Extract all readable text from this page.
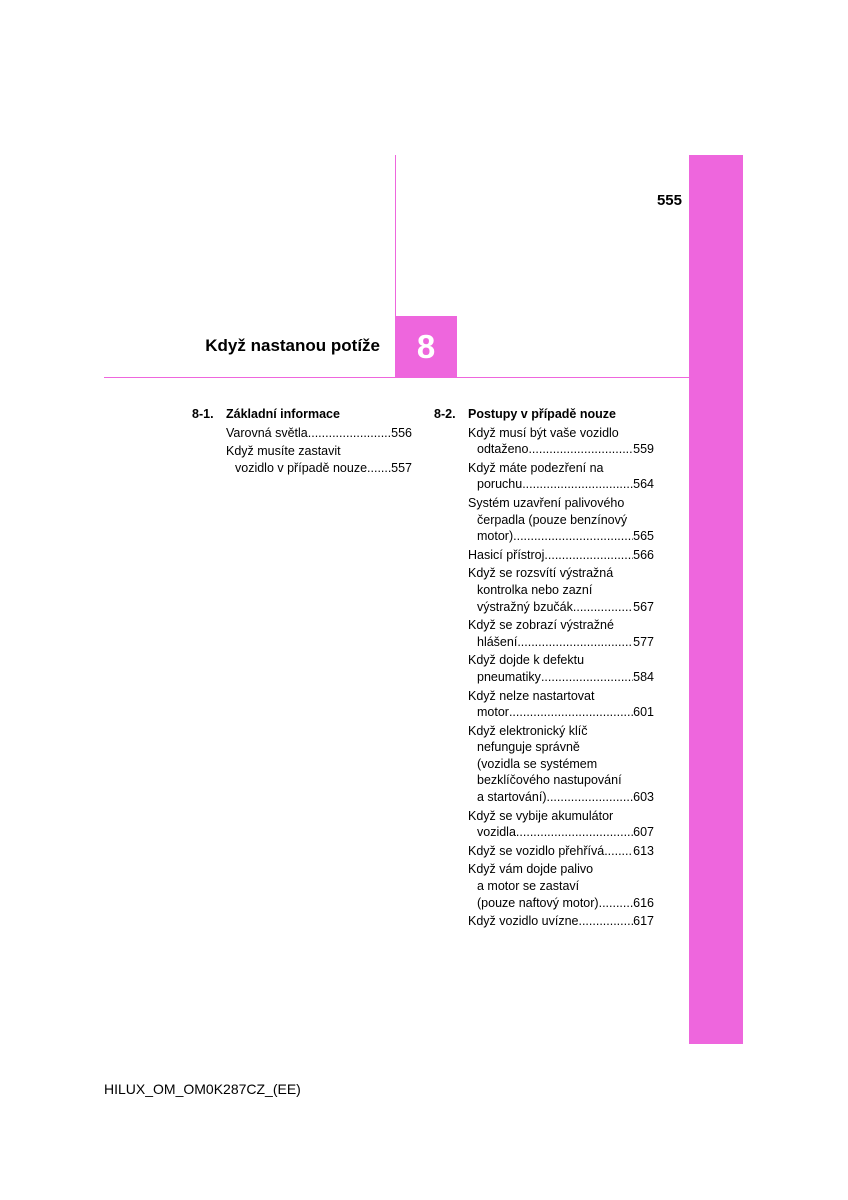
555
Když nastanou potíže 8
8-1. Základní informace
Varovná světla .....	556
Když musíte zastavit
vozidlo v případě nouze ..... 557
8-2. Postupy v případě nouze
Když musí být vaše vozidlo
odtaženo .....	559
Když máte podezření na
poruchu .....	564
Systém uzavření palivového
čerpadla (pouze benzínový
motor) .....	565
Hasicí přístroj .....	566
Když se rozsvítí výstražná
kontrolka nebo zazní
výstražný bzučák .....	567
Když se zobrazí výstražné
hlášení .....	577
Když dojde k defektu
pneumatiky .....	584
Když nelze nastartovat
motor .....	601
Když elektronický klíč
nefunguje správně
(vozidla se systémem
bezklíčového nastupování
a startování) .....	603
Když se vybije akumulátor
vozidla .....	607
Když se vozidlo přehřívá ..... 613
Když vám dojde palivo
a motor se zastaví
(pouze naftový motor) .....	616
Když vozidlo uvízne .....	617
HILUX_OM_OM0K287CZ_(EE)
